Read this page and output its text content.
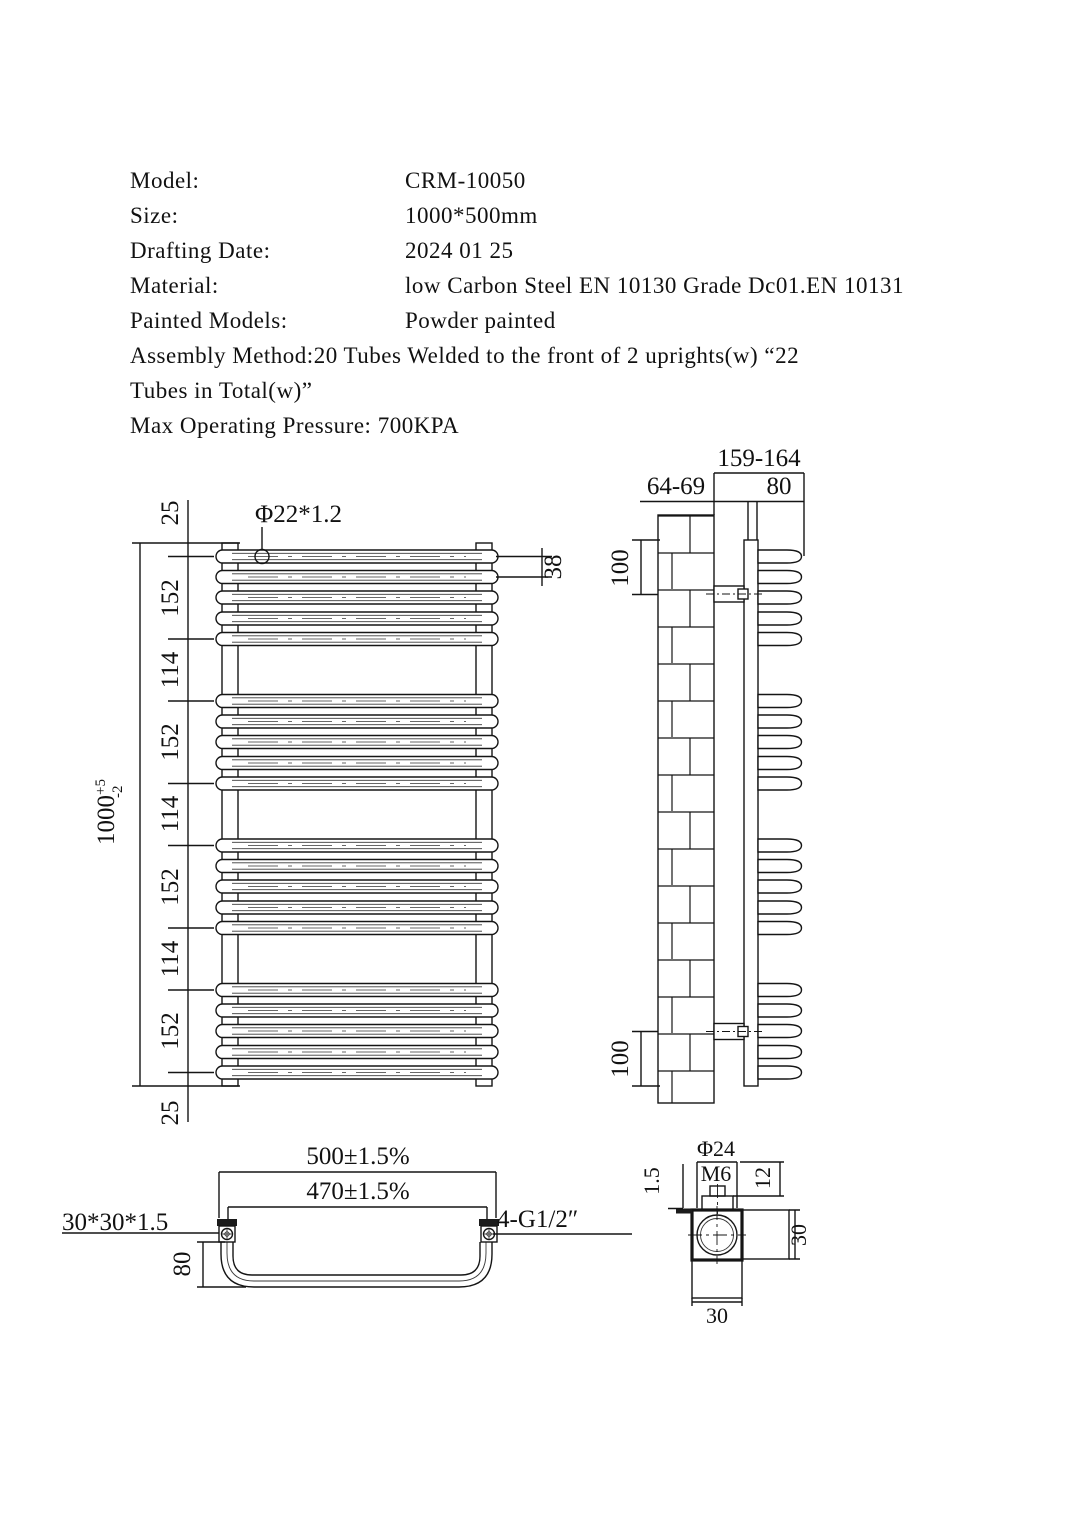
Model:	CRM-10050
Size:	1000*500mm
Drafting Date:	2024 01 25
Material:	low Carbon Steel EN 10130 Grade Dc01.EN 10131
Painted Models:	Powder painted
Assembly Method:20 Tubes Welded to the front of 2 uprights(w) “22
Tubes in Total(w)”
Max Operating Pressure: 700KPA
Φ22*1.2
25
152
114
152
114
152
114
152
25
$1000^{+5}-2$
38
159-164
64-69 80
100
100
500±1.5%
470±1.5%
80
30*30*1.5	4-G1/2″
Φ24
M6
1.5	12
30
30
